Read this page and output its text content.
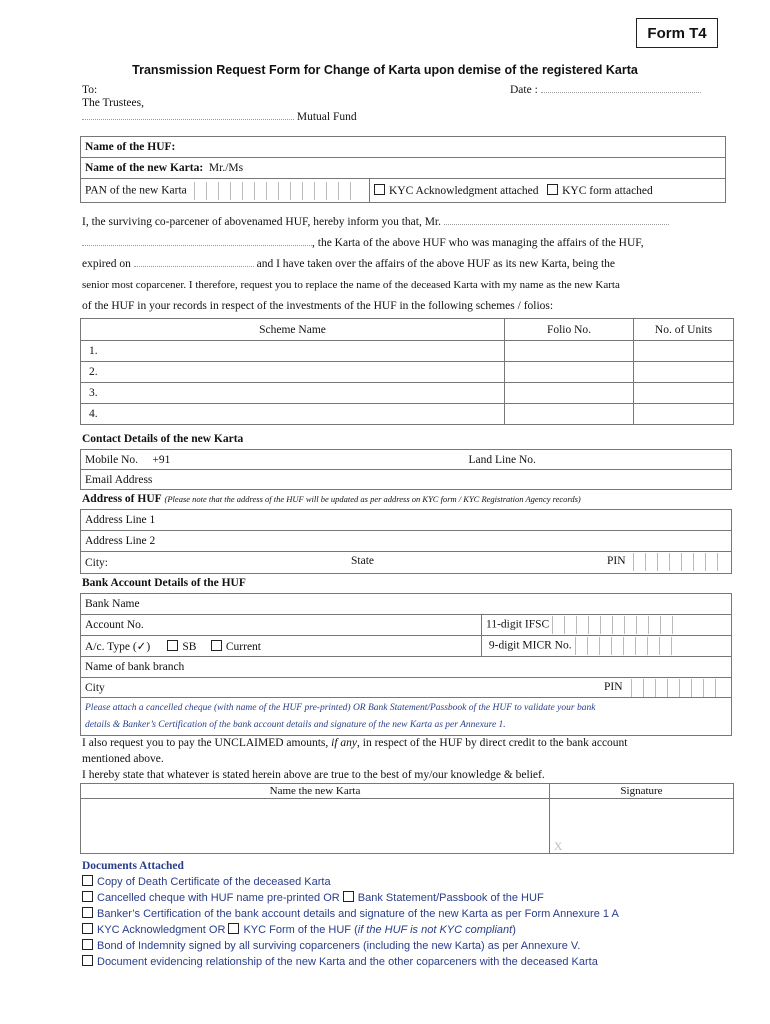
Form T4
Transmission Request Form for Change of Karta upon demise of the registered Karta
To:	Date :
The Trustees,
Mutual Fund
Name of the HUF:
Name of the new Karta: Mr./Ms
PAN of the new Karta	KYC Acknowledgment attached KYC form attached
I, the surviving co-parcener of abovenamed HUF, hereby inform you that, Mr.
, the Karta of the above HUF who was managing the affairs of the HUF,
expired on	and I have taken over the affairs of the above HUF as its new Karta, being the
senior most coparcener. I therefore, request you to replace the name of the deceased Karta with my name as the new Karta
of the HUF in your records in respect of the investments of the HUF in the following schemes / folios:
Scheme Name	Folio No.	No. of Units
1.		
2.		
3.		
4.		
Contact Details of the new Karta
Mobile No. +91	Land Line No.

Email Address
Address of HUF (Please note that the address of the HUF will be updated as per address on KYC form / KYC Registration Agency records)
Address Line 1
Address Line 2
City:	State	PIN
Bank Account Details of the HUF
Bank Name	
Account No.	11-digit IFSC

A/c. Type (✓) SB Current	9-digit MICR No.

Name of bank branch	
City PIN	

Please attach a cancelled cheque (with name of the HUF pre-printed) OR Bank Statement/Passbook of the HUF to validate your bank
details & Banker’s Certification of the bank account details and signature of the new Karta as per Annexure 1.	
I also request you to pay the UNCLAIMED amounts, if any, in respect of the HUF by direct credit to the bank account
mentioned above.
I hereby state that whatever is stated herein above are true to the best of my/our knowledge & belief.
Name the new Karta	Signature
	X
Documents Attached
Copy of Death Certificate of the deceased Karta
Cancelled cheque with HUF name pre-printed OR Bank Statement/Passbook of the HUF
Banker’s Certification of the bank account details and signature of the new Karta as per Form Annexure 1 A
KYC Acknowledgment OR KYC Form of the HUF (if the HUF is not KYC compliant)
Bond of Indemnity signed by all surviving coparceners (including the new Karta) as per Annexure V.
Document evidencing relationship of the new Karta and the other coparceners with the deceased Karta
